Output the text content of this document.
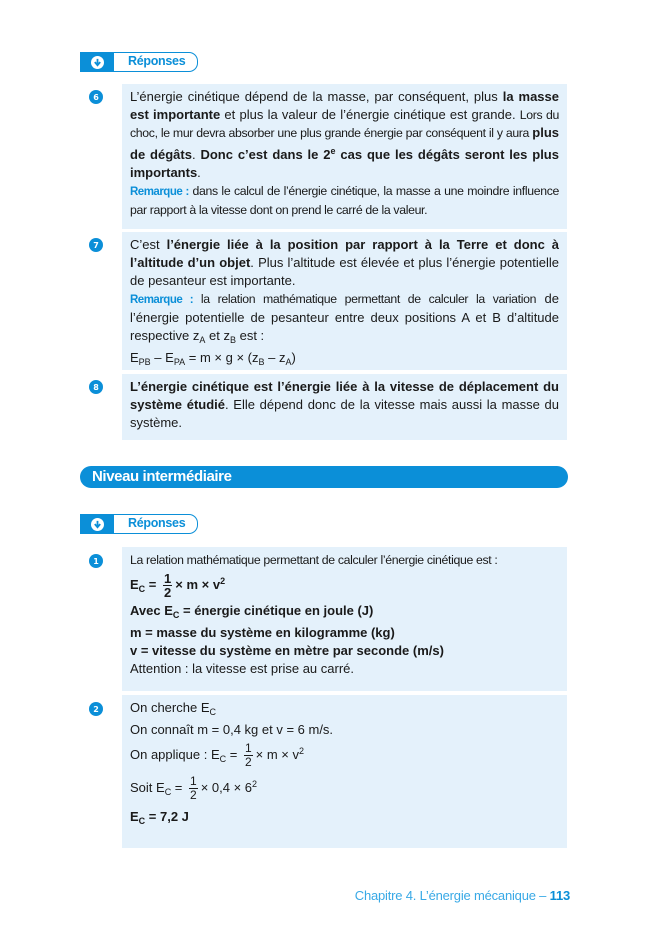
Réponses
6	L’énergie cinétique dépend de la masse, par conséquent, plus la masse est importante et plus la valeur de l’énergie cinétique est grande. Lors du choc, le mur devra absorber une plus grande énergie par conséquent il y aura plus de dégâts. Donc c’est dans le 2e cas que les dégâts seront les plus importants.

Remarque : dans le calcul de l’énergie cinétique, la masse a une moindre influence par rapport à la vitesse dont on prend le carré de la valeur.

7	C’est l’énergie liée à la position par rapport à la Terre et donc à l’altitude d’un objet. Plus l’altitude est élevée et plus l’énergie potentielle de pesanteur est importante.

Remarque : la relation mathématique permettant de calculer la variation de l’énergie potentielle de pesanteur entre deux positions A et B d’altitude respective $z_A$ et $z_B$ est :

$E_{PB} - E_{PA} = m \times g \times (z_B - z_A)$

8	L’énergie cinétique est l’énergie liée à la vitesse de déplacement du système étudié. Elle dépend donc de la vitesse mais aussi la masse du système.

Niveau intermédiaire
Réponses
1	La relation mathématique permettant de calculer l’énergie cinétique est :

$E_C = \frac{1}{2} \times m \times v^2$

Avec $E_C$ = énergie cinétique en joule (J)

m = masse du système en kilogramme (kg)

v = vitesse du système en mètre par seconde (m/s)

Attention : la vitesse est prise au carré.

2	On cherche $E_C$

On connaît m = 0,4 kg et v = 6 m/s.

On applique : $E_C = \frac{1}{2} \times m \times v^2$

Soit $E_C = \frac{1}{2} \times 0,4 \times 6^2$

$E_C = 7,2$ J

Chapitre 4. L’énergie mécanique – 113
